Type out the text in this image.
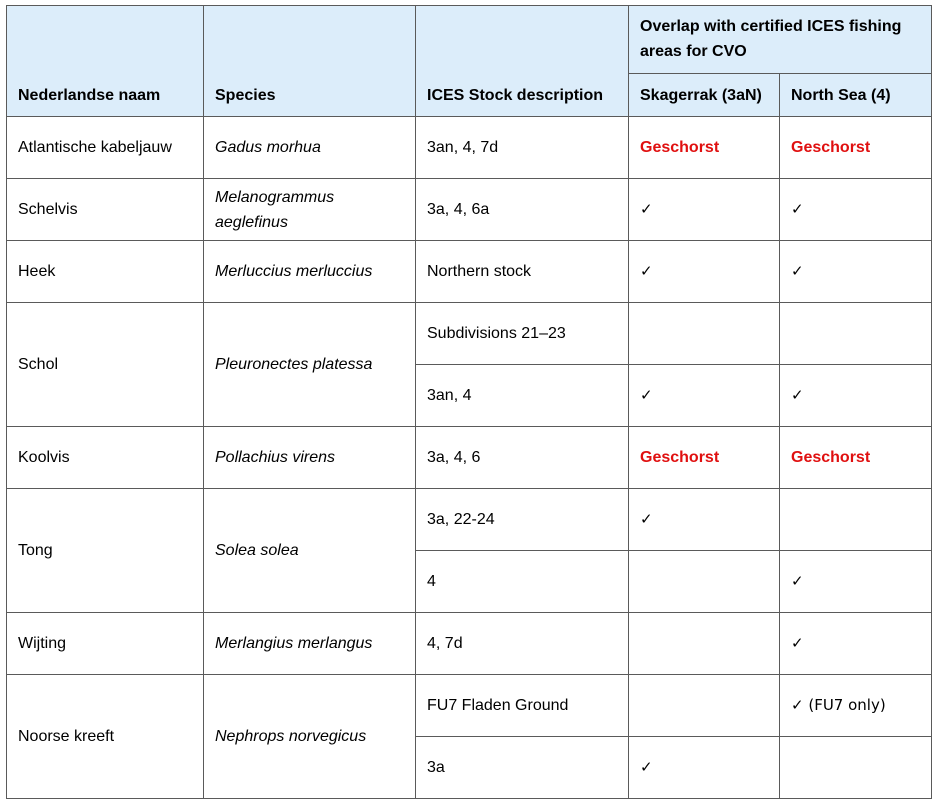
Nederlandse naam	Species	ICES Stock description	Overlap with certified ICES fishing areas for CVO	
			Skagerrak (3aN)	North Sea (4)
Atlantische kabeljauw	Gadus morhua	3an, 4, 7d	Geschorst	Geschorst
Schelvis	Melanogrammus aeglefinus	3a, 4, 6a	✓	✓
Heek	Merluccius merluccius	Northern stock	✓	✓
Schol	Pleuronectes platessa	Subdivisions 21–23		
		3an, 4	✓	✓
Koolvis	Pollachius virens	3a, 4, 6	Geschorst	Geschorst
Tong	Solea solea	3a, 22-24	✓	
		4		✓
Wijting	Merlangius merlangus	4, 7d		✓
Noorse kreeft	Nephrops norvegicus	FU7 Fladen Ground		✓ (FU7 only)
		3a	✓	
